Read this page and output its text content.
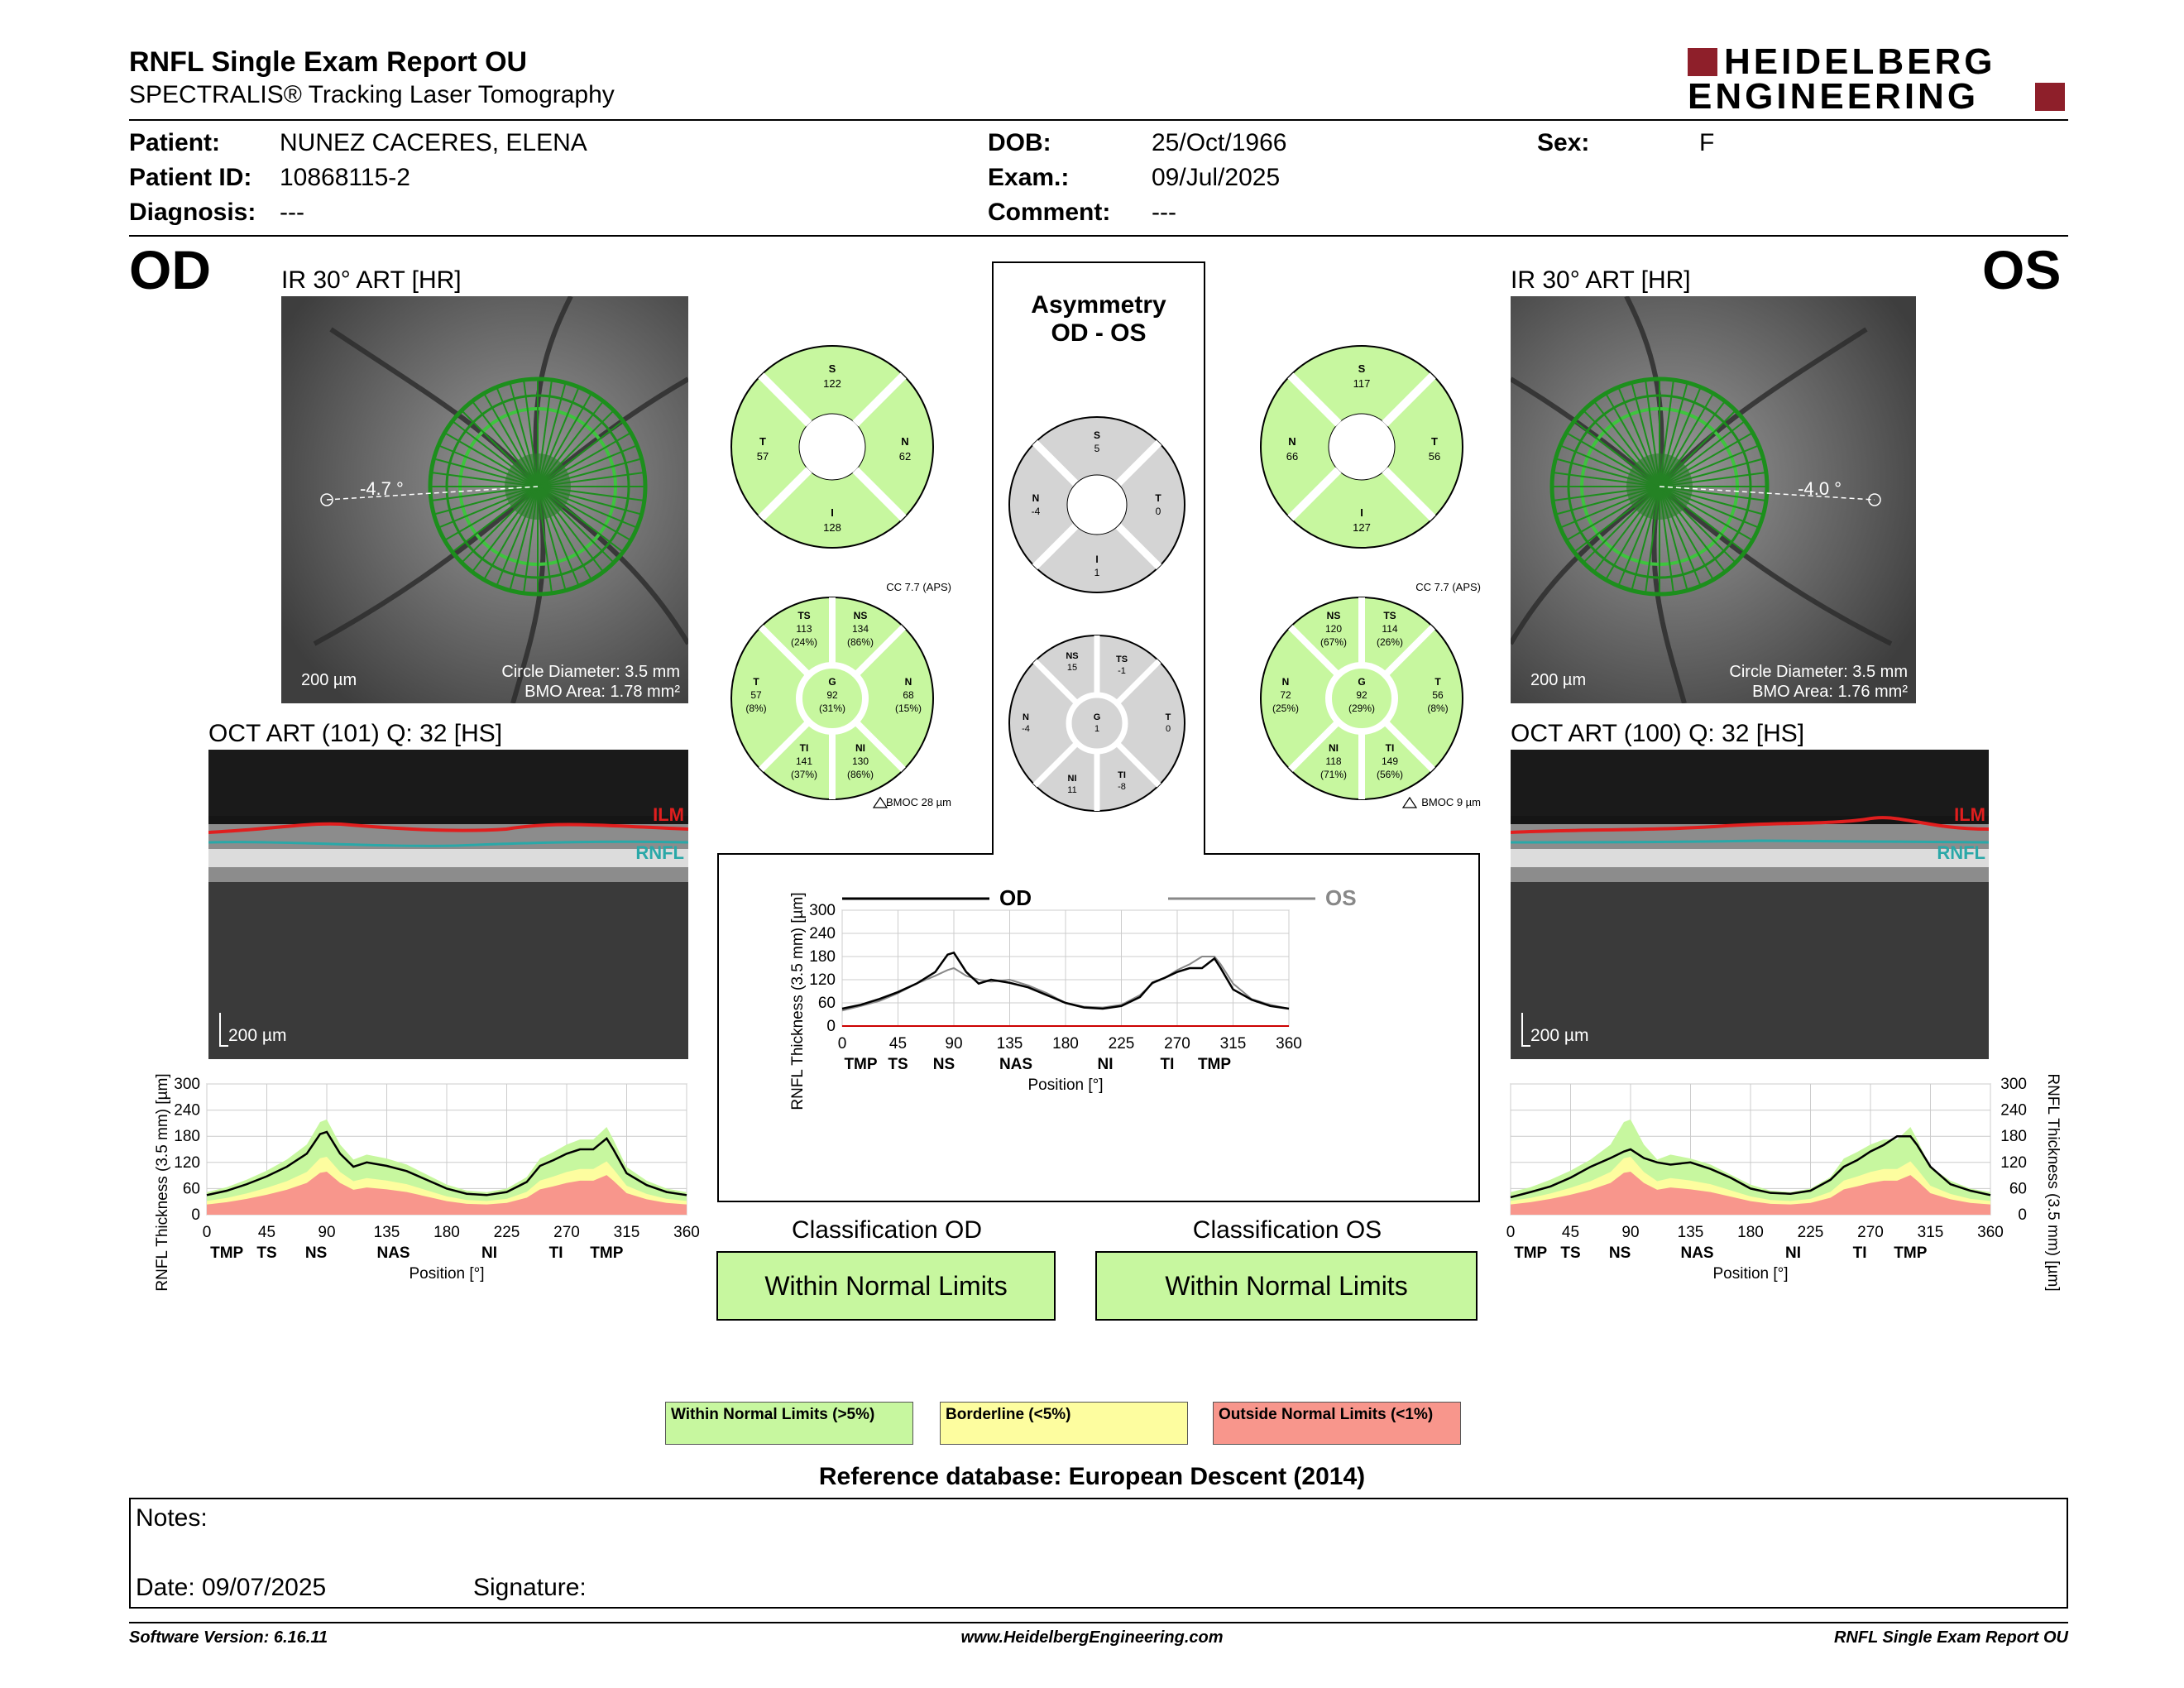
RNFL Single Exam Report OU
SPECTRALIS® Tracking Laser Tomography
HEIDELBERG
ENGINEERING
Patient: NUNEZ CACERES, ELENA
Patient ID: 10868115-2
Diagnosis: ---
DOB:	25/Oct/1966
Exam.:	09/Jul/2025
Comment: ---
Sex:	F
OD	OS
IR 30° ART [HR]
-4.7 °
200 µm	Circle Diameter: 3.5 mm
BMO Area: 1.78 mm²
IR 30° ART [HR]
-4.0 °
200 µm	Circle Diameter: 3.5 mm
BMO Area: 1.76 mm²
OCT ART (101) Q: 32 [HS]
ILM
RNFL
200 µm
OCT ART (100) Q: 32 [HS]
ILM
RNFL
200 µm
Asymmetry
OD - OS
S
122
T
57
N
62
I
128
S
5
N
-4
T
0
I
1
S
117
N
66
T
56
I
127
CC 7.7 (APS)
TS
113
(24%)
NS
134
(86%)
T
57
(8%)
G
92
(31%)
N
68
(15%)
TI
141
(37%)
NI
130
(86%)
BMOC 28 µm
NS
15
TS
-1
N
-4
G
1
T
0
NI
11
TI
-8
CC 7.7 (APS)
NS
120
(67%)
TS
114
(26%)
N
72
(25%)
G
92
(29%)
T
56
(8%)
NI
118
(71%)
TI
149
(56%)
BMOC 9 µm
0
60
120
180
240
300
0	45	90 135 180 225 270 315 360
TMP TS NS	NAS	NI	TI TMP
Position [°]
RNFL Thickness (3.5 mm) [µm]	0
60
120
180
240
300
0	45	90 135 180 225 270 315 360
TMP TS NS	NAS	NI	TI TMP
Position [°]	RNFL Thickness (3.5 mm) [µm]
0
60
120
180
240
300
0	45 90 135 180 225 270 315 360
TMP TS NS	NAS	NI	TI TMP
Position [°]
RNFL Thickness (3.5 mm) [µm]	OD	OS
Classification OD
Within Normal Limits
Classification OS
Within Normal Limits
Within Normal Limits (>5%)	Borderline (<5%)	Outside Normal Limits (<1%)
Reference database: European Descent (2014)
Notes:
Date: 09/07/2025	Signature:
Software Version: 6.16.11	www.HeidelbergEngineering.com	RNFL Single Exam Report OU
